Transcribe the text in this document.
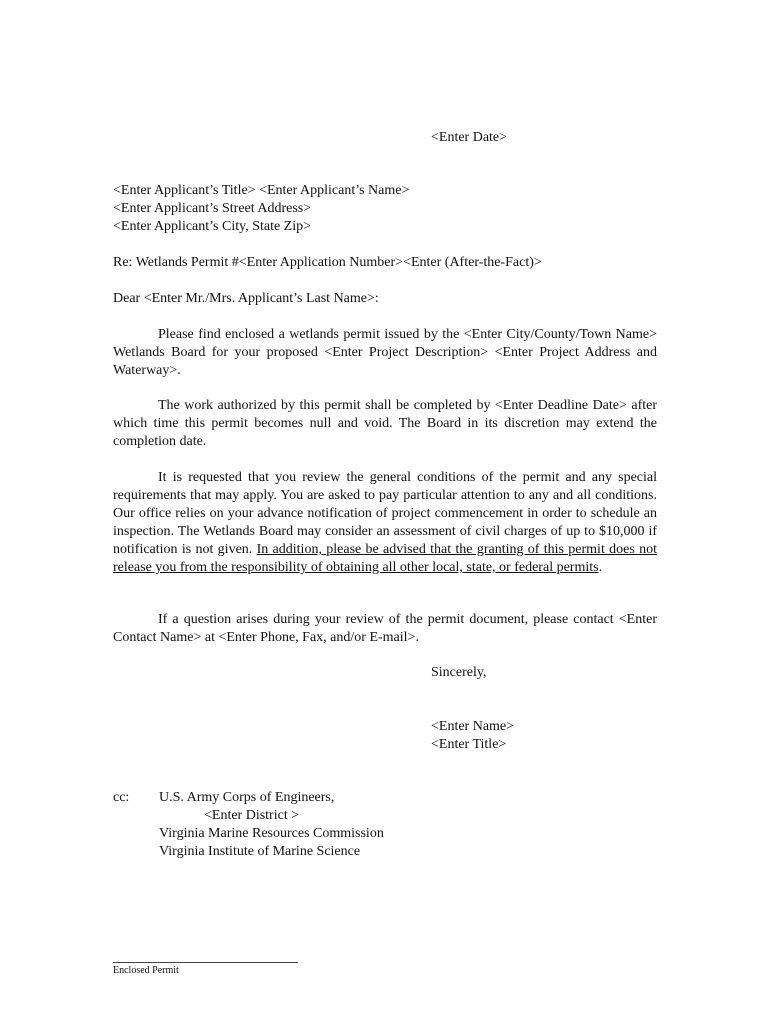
<Enter Date>
<Enter Applicant’s Title> <Enter Applicant’s Name>
<Enter Applicant’s Street Address>
<Enter Applicant’s City, State Zip>
Re: Wetlands Permit #<Enter Application Number><Enter (After-the-Fact)>
Dear <Enter Mr./Mrs. Applicant’s Last Name>:

Please find enclosed a wetlands permit issued by the <Enter City/County/Town Name> Wetlands Board for your proposed <Enter Project Description> <Enter Project Address and Waterway>.

The work authorized by this permit shall be completed by <Enter Deadline Date> after which time this permit becomes null and void. The Board in its discretion may extend the completion date.

It is requested that you review the general conditions of the permit and any special requirements that may apply. You are asked to pay particular attention to any and all conditions. Our office relies on your advance notification of project commencement in order to schedule an inspection. The Wetlands Board may consider an assessment of civil charges of up to $10,000 if notification is not given. In addition, please be advised that the granting of this permit does not release you from the responsibility of obtaining all other local, state, or federal permits.

If a question arises during your review of the permit document, please contact <Enter Contact Name> at <Enter Phone, Fax, and/or E-mail>.

Sincerely,
<Enter Name>
<Enter Title>
cc: U.S. Army Corps of Engineers,
<Enter District >
Virginia Marine Resources Commission
Virginia Institute of Marine Science
Enclosed Permit
